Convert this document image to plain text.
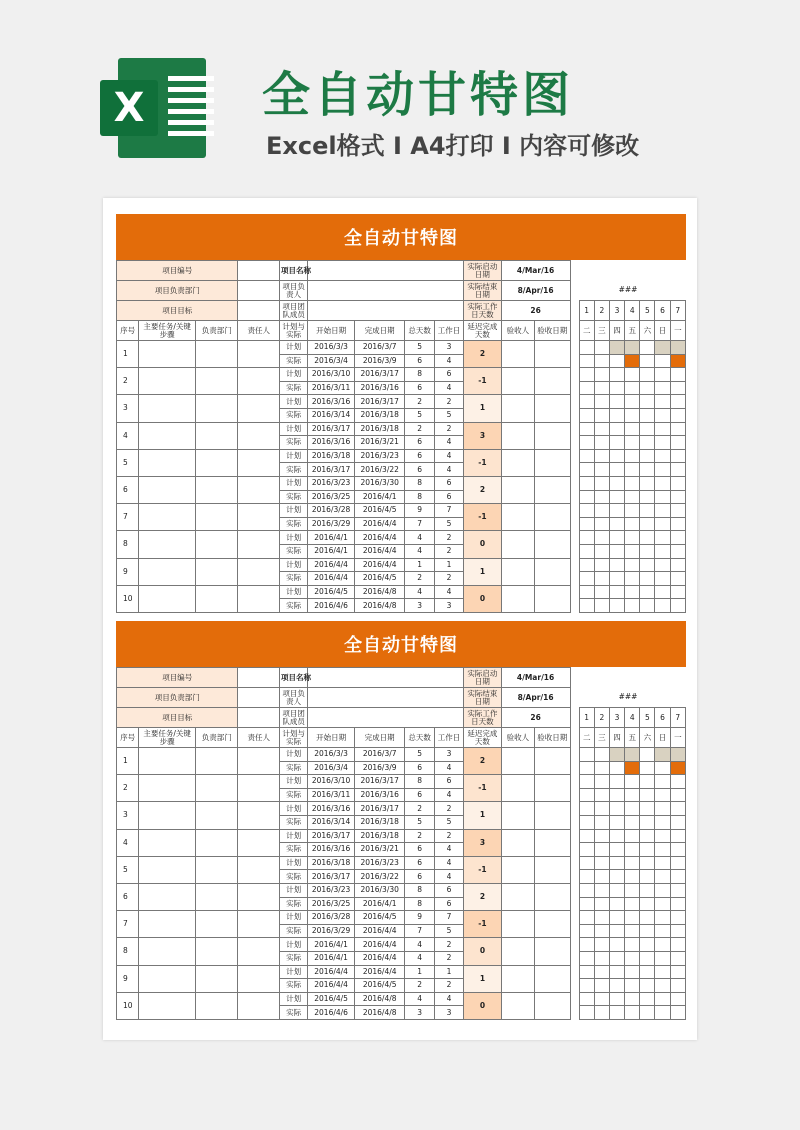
X 全自动甘特图
Excel格式 I A4打印 I 内容可修改
全自动甘特图
项目编号				项目名称					实际启动日期	4/Mar/16									
项目负责部门				项目负责人					实际结束日期	8/Apr/16		###							
项目目标				项目团队成员					实际工作日天数	26			1	2	3	4	5	6	7
序号	主要任务/关键步骤	负责部门	责任人	计划与实际	开始日期	完成日期	总天数	工作日	延迟完成天数	验收人	验收日期		二	三	四	五	六	日	一
1				计划	2016/3/3	2016/3/7	5	3	2										
				实际	2016/3/4	2016/3/9	6	4											
2				计划	2016/3/10	2016/3/17	8	6	-1										
				实际	2016/3/11	2016/3/16	6	4											
3				计划	2016/3/16	2016/3/17	2	2	1										
				实际	2016/3/14	2016/3/18	5	5											
4				计划	2016/3/17	2016/3/18	2	2	3										
				实际	2016/3/16	2016/3/21	6	4											
5				计划	2016/3/18	2016/3/23	6	4	-1										
				实际	2016/3/17	2016/3/22	6	4											
6				计划	2016/3/23	2016/3/30	8	6	2										
				实际	2016/3/25	2016/4/1	8	6											
7				计划	2016/3/28	2016/4/5	9	7	-1										
				实际	2016/3/29	2016/4/4	7	5											
8				计划	2016/4/1	2016/4/4	4	2	0										
				实际	2016/4/1	2016/4/4	4	2											
9				计划	2016/4/4	2016/4/4	1	1	1										
				实际	2016/4/4	2016/4/5	2	2											
10				计划	2016/4/5	2016/4/8	4	4	0										
				实际	2016/4/6	2016/4/8	3	3											
全自动甘特图
项目编号				项目名称					实际启动日期	4/Mar/16									
项目负责部门				项目负责人					实际结束日期	8/Apr/16		###							
项目目标				项目团队成员					实际工作日天数	26			1	2	3	4	5	6	7
序号	主要任务/关键步骤	负责部门	责任人	计划与实际	开始日期	完成日期	总天数	工作日	延迟完成天数	验收人	验收日期		二	三	四	五	六	日	一
1				计划	2016/3/3	2016/3/7	5	3	2										
				实际	2016/3/4	2016/3/9	6	4											
2				计划	2016/3/10	2016/3/17	8	6	-1										
				实际	2016/3/11	2016/3/16	6	4											
3				计划	2016/3/16	2016/3/17	2	2	1										
				实际	2016/3/14	2016/3/18	5	5											
4				计划	2016/3/17	2016/3/18	2	2	3										
				实际	2016/3/16	2016/3/21	6	4											
5				计划	2016/3/18	2016/3/23	6	4	-1										
				实际	2016/3/17	2016/3/22	6	4											
6				计划	2016/3/23	2016/3/30	8	6	2										
				实际	2016/3/25	2016/4/1	8	6											
7				计划	2016/3/28	2016/4/5	9	7	-1										
				实际	2016/3/29	2016/4/4	7	5											
8				计划	2016/4/1	2016/4/4	4	2	0										
				实际	2016/4/1	2016/4/4	4	2											
9				计划	2016/4/4	2016/4/4	1	1	1										
				实际	2016/4/4	2016/4/5	2	2											
10				计划	2016/4/5	2016/4/8	4	4	0										
				实际	2016/4/6	2016/4/8	3	3											
